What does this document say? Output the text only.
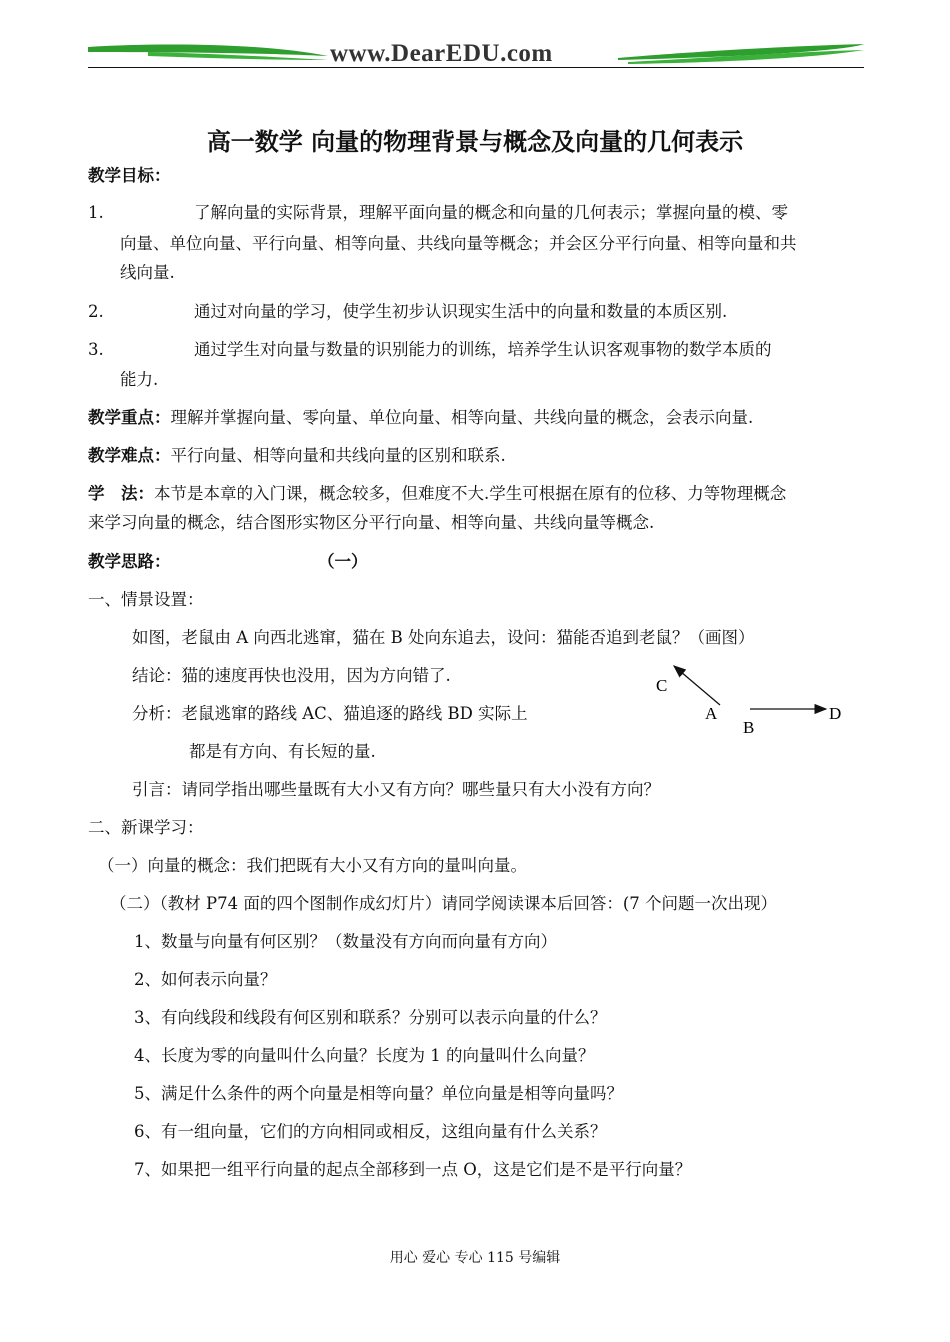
www.DearEDU.com
高一数学 向量的物理背景与概念及向量的几何表示
教学目标：
1.	了解向量的实际背景，理解平面向量的概念和向量的几何表示；掌握向量的模、零
向量、单位向量、平行向量、相等向量、共线向量等概念；并会区分平行向量、相等向量和共
线向量.
2.	通过对向量的学习，使学生初步认识现实生活中的向量和数量的本质区别.
3.	通过学生对向量与数量的识别能力的训练，培养学生认识客观事物的数学本质的
能力.
教学重点：理解并掌握向量、零向量、单位向量、相等向量、共线向量的概念，会表示向量.
教学难点：平行向量、相等向量和共线向量的区别和联系.
学　法：本节是本章的入门课，概念较多，但难度不大.学生可根据在原有的位移、力等物理概念
来学习向量的概念，结合图形实物区分平行向量、相等向量、共线向量等概念.
教学思路：	（一）
一、情景设置：
如图，老鼠由 A 向西北逃窜，猫在 B 处向东追去，设问：猫能否追到老鼠？（画图）
结论：猫的速度再快也没用，因为方向错了.
分析：老鼠逃窜的路线 AC、猫追逐的路线 BD 实际上
都是有方向、有长短的量.
引言：请同学指出哪些量既有大小又有方向？哪些量只有大小没有方向？
C
A
B
D
二、新课学习：
（一）向量的概念：我们把既有大小又有方向的量叫向量。
（二）（教材 P74 面的四个图制作成幻灯片）请同学阅读课本后回答：(7 个问题一次出现）
1、数量与向量有何区别？（数量没有方向而向量有方向）
2、如何表示向量？
3、有向线段和线段有何区别和联系？分别可以表示向量的什么？
4、长度为零的向量叫什么向量？长度为 1 的向量叫什么向量？
5、满足什么条件的两个向量是相等向量？单位向量是相等向量吗？
6、有一组向量，它们的方向相同或相反，这组向量有什么关系？
7、如果把一组平行向量的起点全部移到一点 O，这是它们是不是平行向量？
用心 爱心 专心 115 号编辑
